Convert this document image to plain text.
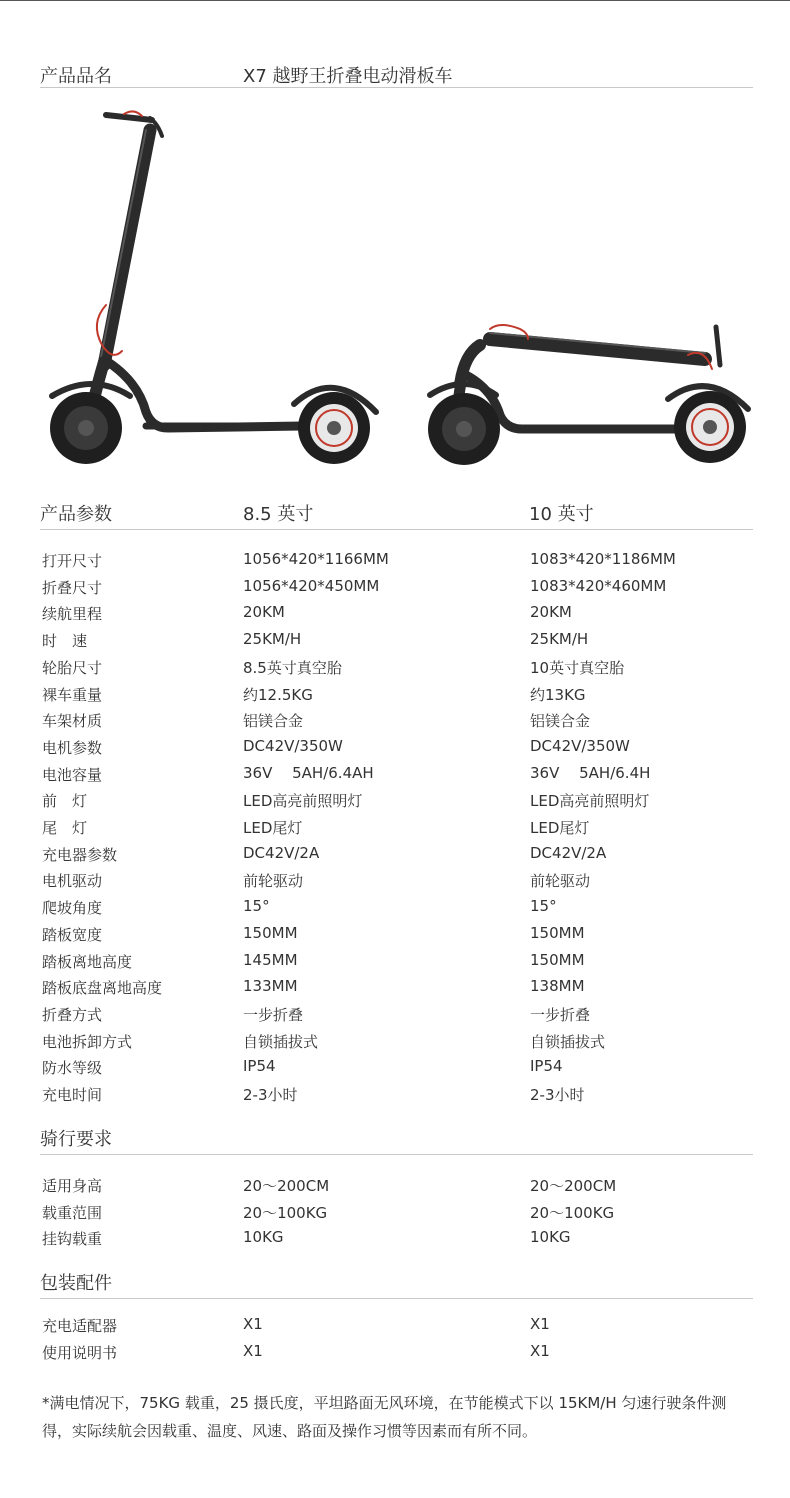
产品品名	X7 越野王折叠电动滑板车
产品参数	8.5 英寸	10 英寸
打开尺寸	1056*420*1166MM	1083*420*1186MM
折叠尺寸	1056*420*450MM	1083*420*460MM
续航里程	20KM	20KM
时　速	25KM/H	25KM/H
轮胎尺寸	8.5英寸真空胎	10英寸真空胎
裸车重量	约12.5KG	约13KG
车架材质	铝镁合金	铝镁合金
电机参数	DC42V/350W	DC42V/350W
电池容量	36V  5AH/6.4AH	36V  5AH/6.4H
前　灯	LED高亮前照明灯	LED高亮前照明灯
尾　灯	LED尾灯	LED尾灯
充电器参数	DC42V/2A	DC42V/2A
电机驱动	前轮驱动	前轮驱动
爬坡角度	15°	15°
踏板宽度	150MM	150MM
踏板离地高度	145MM	150MM
踏板底盘离地高度	133MM	138MM
折叠方式	一步折叠	一步折叠
电池拆卸方式	自锁插拔式	自锁插拔式
防水等级	IP54	IP54
充电时间	2-3小时	2-3小时
骑行要求
适用身高	20～200CM	20～200CM
载重范围	20～100KG	20～100KG
挂钩载重	10KG	10KG
包装配件
充电适配器	X1	X1
使用说明书	X1	X1
*满电情况下，75KG 载重，25 摄氏度，平坦路面无风环境，在节能模式下以 15KM/H 匀速行驶条件测得，实际续航会因载重、温度、风速、路面及操作习惯等因素而有所不同。
